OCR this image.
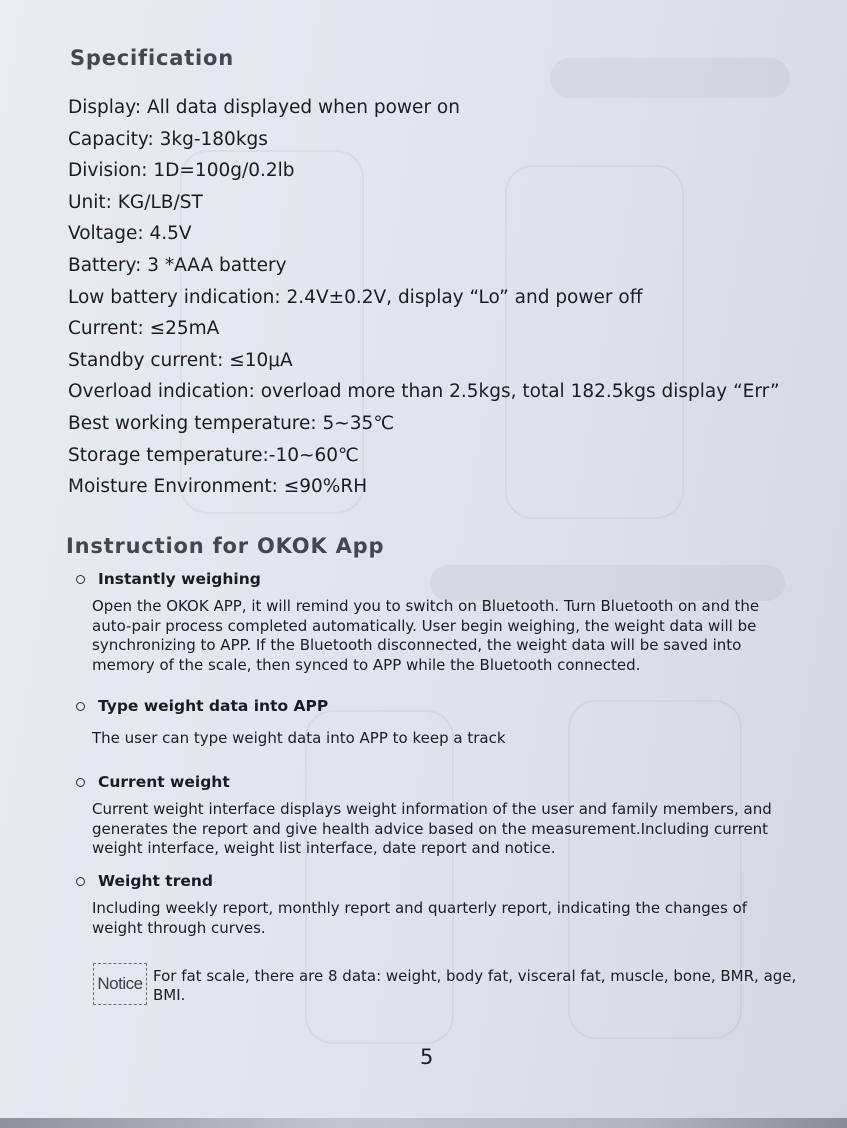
Specification
Display: All data displayed when power on
Capacity: 3kg-180kgs
Division: 1D=100g/0.2lb
Unit: KG/LB/ST
Voltage: 4.5V
Battery: 3 *AAA battery
Low battery indication: 2.4V±0.2V, display “Lo” and power off
Current: ≤25mA
Standby current: ≤10μA
Overload indication: overload more than 2.5kgs, total 182.5kgs display “Err”
Best working temperature: 5~35℃
Storage temperature:-10~60℃
Moisture Environment: ≤90%RH
Instruction for OKOK App

Instantly weighing

Open the OKOK APP, it will remind you to switch on Bluetooth. Turn Bluetooth on and the auto-pair process completed automatically. User begin weighing, the weight data will be synchronizing to APP. If the Bluetooth disconnected, the weight data will be saved into memory of the scale, then synced to APP while the Bluetooth connected.

Type weight data into APP

The user can type weight data into APP to keep a track

Current weight

Current weight interface displays weight information of the user and family members, and generates the report and give health advice based on the measurement.Including current weight interface, weight list interface, date report and notice.

Weight trend

Including weekly report, monthly report and quarterly report, indicating the changes of weight through curves.

Notice For fat scale, there are 8 data: weight, body fat, visceral fat, muscle, bone, BMR, age, BMI.

5
